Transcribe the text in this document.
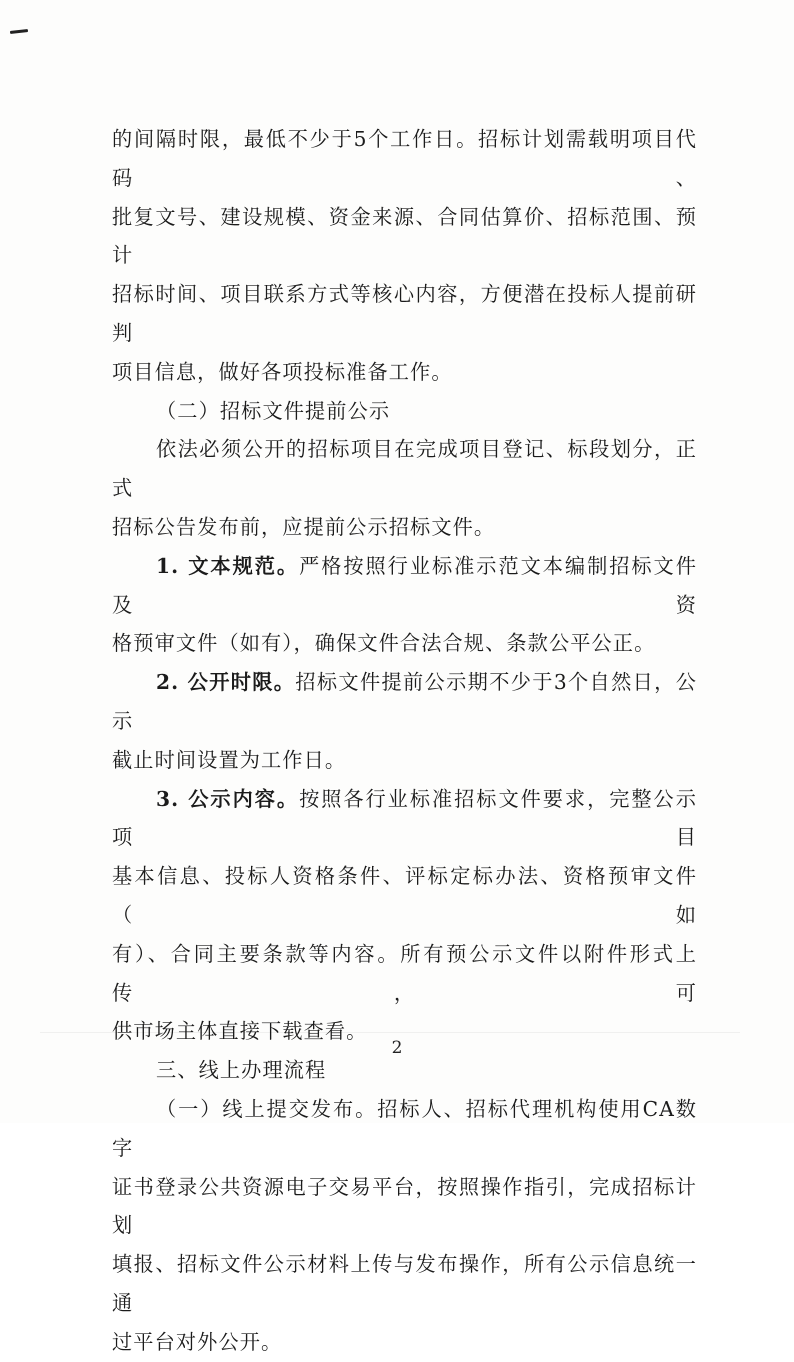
的间隔时限，最低不少于5个工作日。招标计划需载明项目代码、

批复文号、建设规模、资金来源、合同估算价、招标范围、预计

招标时间、项目联系方式等核心内容，方便潜在投标人提前研判

项目信息，做好各项投标准备工作。

（二）招标文件提前公示

依法必须公开的招标项目在完成项目登记、标段划分，正式

招标公告发布前，应提前公示招标文件。

1. 文本规范。严格按照行业标准示范文本编制招标文件及资

格预审文件（如有），确保文件合法合规、条款公平公正。

2. 公开时限。招标文件提前公示期不少于3个自然日，公示

截止时间设置为工作日。

3. 公示内容。按照各行业标准招标文件要求，完整公示项目

基本信息、投标人资格条件、评标定标办法、资格预审文件（如

有）、合同主要条款等内容。所有预公示文件以附件形式上传，可

供市场主体直接下载查看。

三、线上办理流程

（一）线上提交发布。招标人、招标代理机构使用CA数字

证书登录公共资源电子交易平台，按照操作指引，完成招标计划

填报、招标文件公示材料上传与发布操作，所有公示信息统一通

过平台对外公开。

2
